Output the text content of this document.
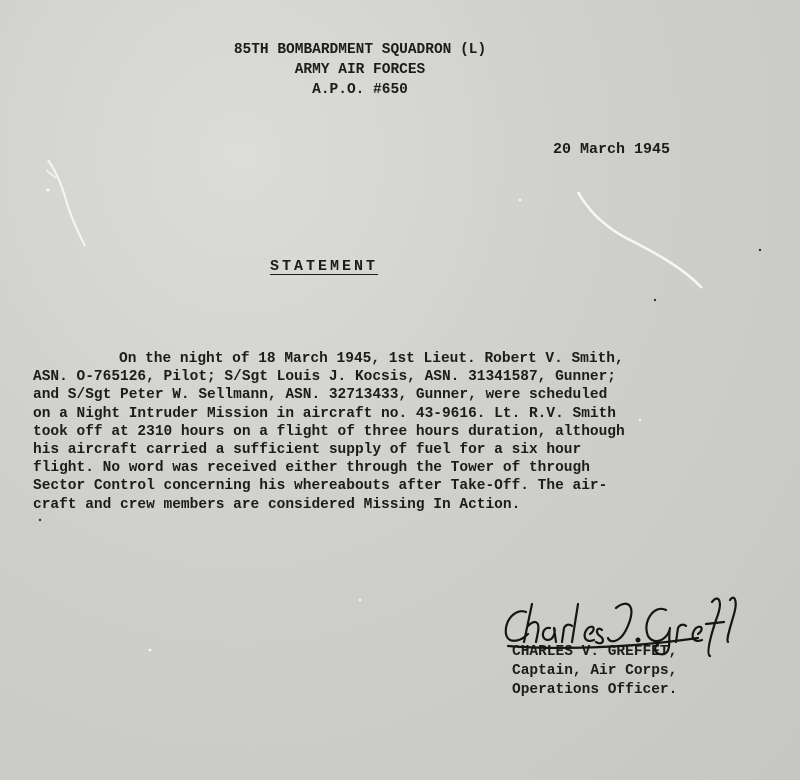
85TH BOMBARDMENT SQUADRON (L)
ARMY AIR FORCES
A.P.O. #650
20 March 1945
STATEMENT
On the night of 18 March 1945, 1st Lieut. Robert V. Smith,
ASN. O-765126, Pilot; S/Sgt Louis J. Kocsis, ASN. 31341587, Gunner;
and S/Sgt Peter W. Sellmann, ASN. 32713433, Gunner, were scheduled
on a Night Intruder Mission in aircraft no. 43-9616. Lt. R.V. Smith
took off at 2310 hours on a flight of three hours duration, although
his aircraft carried a sufficient supply of fuel for a six hour
flight. No word was received either through the Tower of through
Sector Control concerning his whereabouts after Take-Off. The air-
craft and crew members are considered Missing In Action.
CHARLES V. GREFFET,
Captain, Air Corps,
Operations Officer.
